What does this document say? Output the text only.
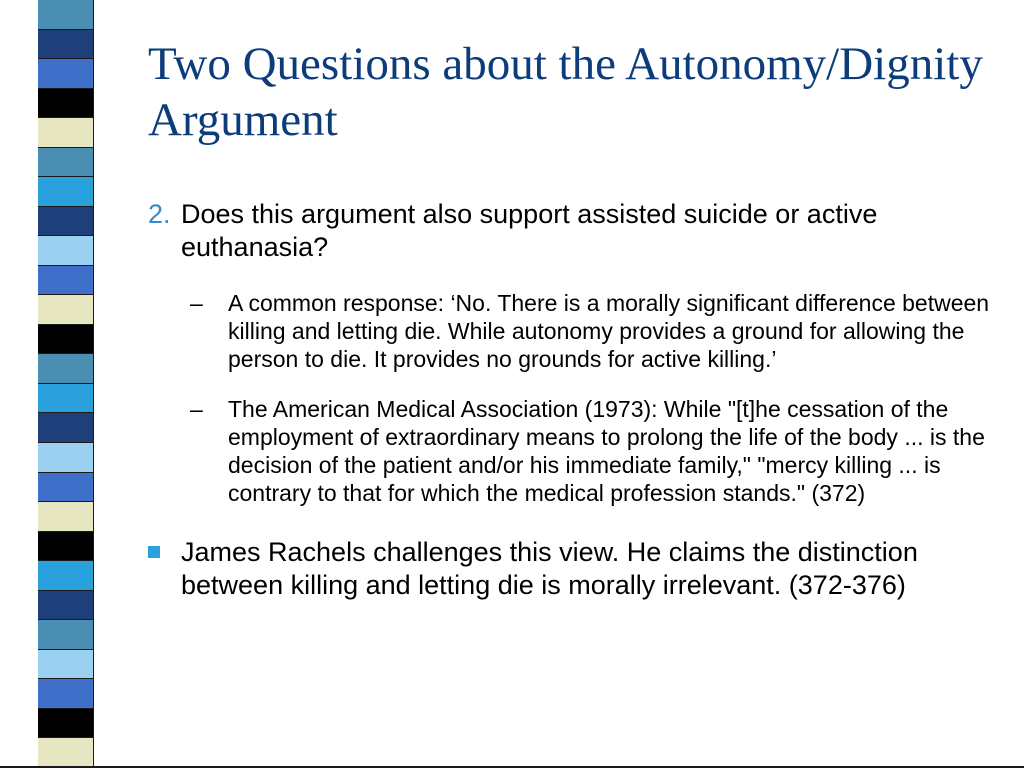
Two Questions about the Autonomy/Dignity Argument
2. Does this argument also support assisted suicide or active euthanasia?
–	A common response: ‘No. There is a morally significant difference between killing and letting die. While autonomy provides a ground for allowing the person to die. It provides no grounds for active killing.’
–	The American Medical Association (1973): While "[t]he cessation of the employment of extraordinary means to prolong the life of the body ... is the decision of the patient and/or his immediate family," "mercy killing ... is contrary to that for which the medical profession stands." (372)
James Rachels challenges this view. He claims the distinction between killing and letting die is morally irrelevant. (372-376)
